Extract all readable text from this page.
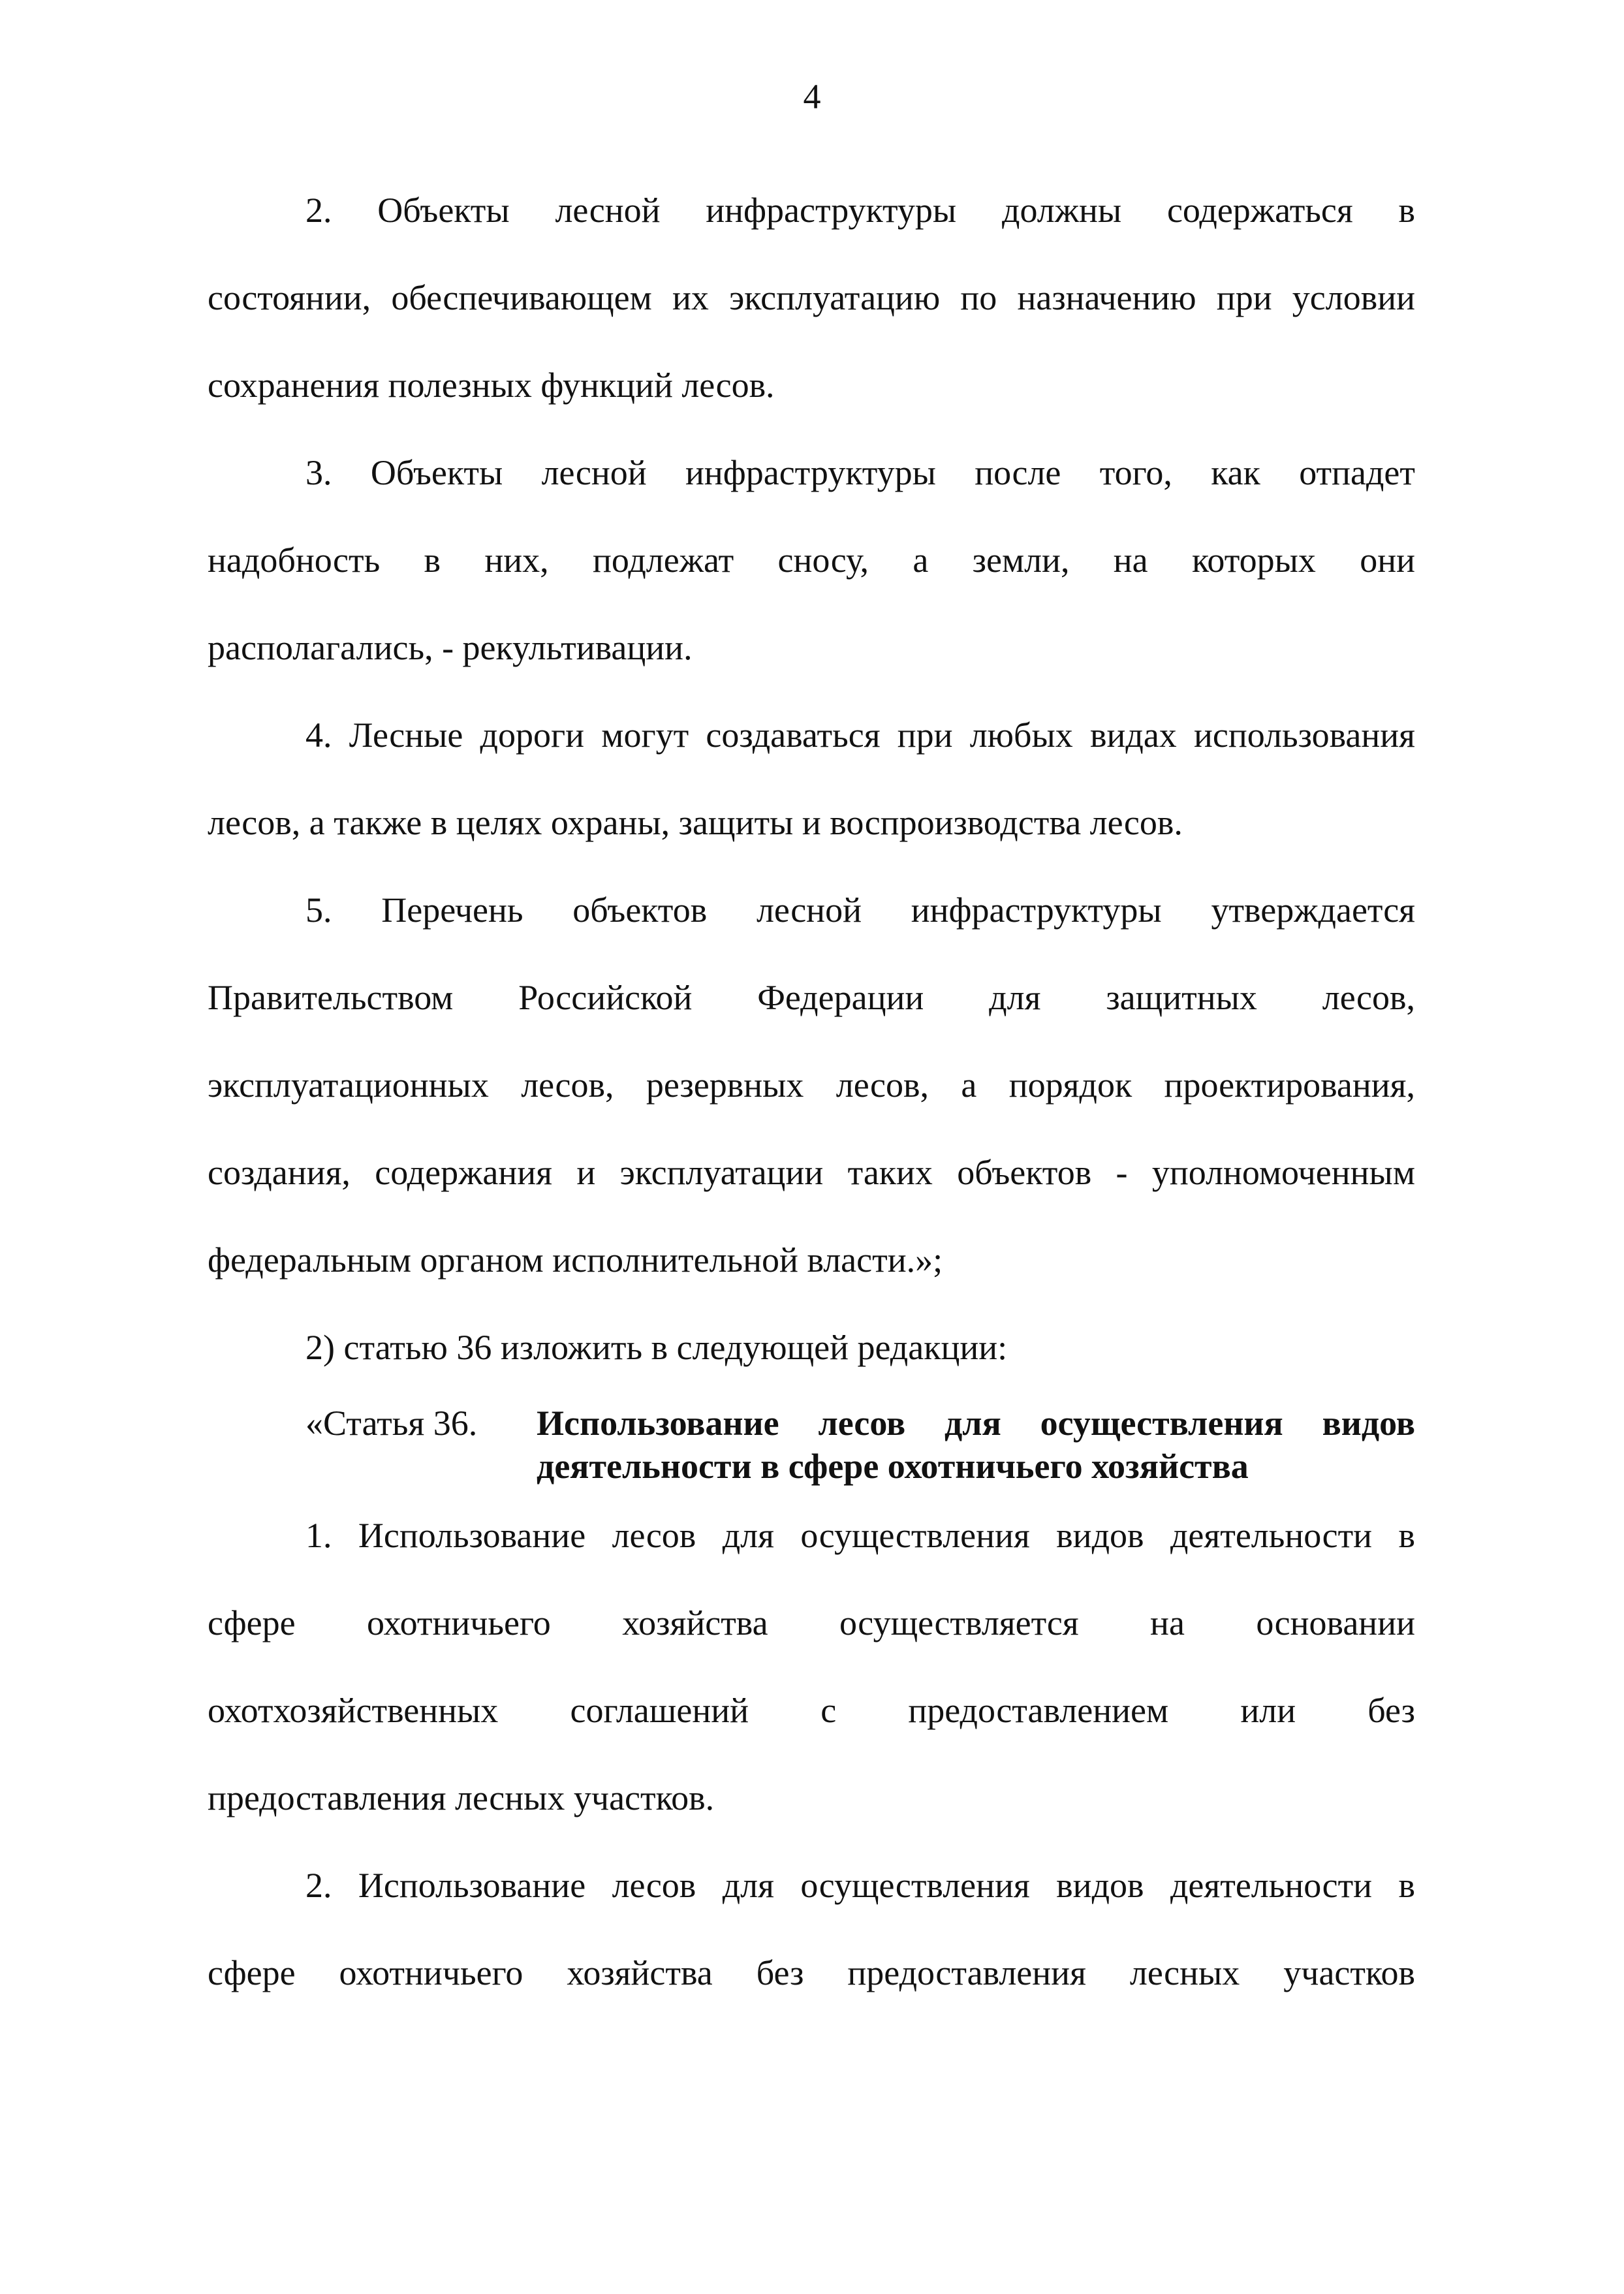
4
2. Объекты лесной инфраструктуры должны содержаться в
состоянии, обеспечивающем их эксплуатацию по назначению при условии
сохранения полезных функций лесов.
3. Объекты лесной инфраструктуры после того, как отпадет
надобность в них, подлежат сносу, а земли, на которых они
располагались, - рекультивации.
4. Лесные дороги могут создаваться при любых видах использования
лесов, а также в целях охраны, защиты и воспроизводства лесов.
5. Перечень объектов лесной инфраструктуры утверждается
Правительством Российской Федерации для защитных лесов,
эксплуатационных лесов, резервных лесов, а порядок проектирования,
создания, содержания и эксплуатации таких объектов - уполномоченным
федеральным органом исполнительной власти.»;
2) статью 36 изложить в следующей редакции:
«Статья 36. Использование лесов для осуществления видов
деятельности в сфере охотничьего хозяйства
1. Использование лесов для осуществления видов деятельности в
сфере охотничьего хозяйства осуществляется на основании
охотхозяйственных соглашений с предоставлением или без
предоставления лесных участков.
2. Использование лесов для осуществления видов деятельности в
сфере охотничьего хозяйства без предоставления лесных участков
